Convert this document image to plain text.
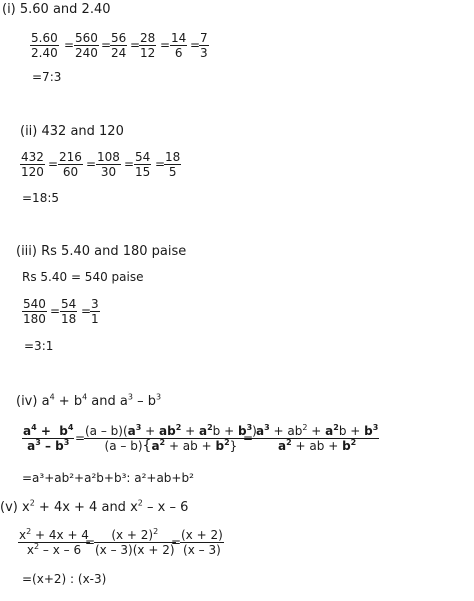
(i) 5.60 and 2.40
$\frac{5.60}{2.40} = \frac{560}{240}$ =
$\frac{56}{24}$ =
$\frac{28}{12} = \frac{14}{6}$ =
$\frac{7}{3}$
=7:3
(ii) 432 and 120
$\frac{432}{120} = \frac{216}{60} = \frac{108}{30} = \frac{54}{15}$ =
$\frac{18}{5}$
=18:5
(iii) Rs 5.40 and 180 paise
Rs 5.40 = 540 paise
$\frac{540}{180} = \frac{54}{18}$ =
$\frac{3}{1}$
=3:1
(iv) $a^4 + b^4$ and $a^3 - b^3$
$\frac{a^4 + b^4}{a^3 - b^3}$ =
$\frac{(a - b)(a^3 + ab^2 + a^2b + b^3)}{(a - b)\{a^2 + ab + b^2\}}$
= $\frac{a^3 + ab^2 + a^2b + b^3}{a^2 + ab + b^2}$
=a³+ab²+a²b+b³: a²+ab+b²
(v) $x^2 + 4x + 4$ and $x^2$ – x – 6
$\frac{x^2 + 4x + 4}{x^2 - x - 6}$
=
$\frac{(x + 2)^2}{(x - 3)(x + 2)}$
=
$\frac{(x + 2)}{(x - 3)}$
=(x+2) : (x-3)
